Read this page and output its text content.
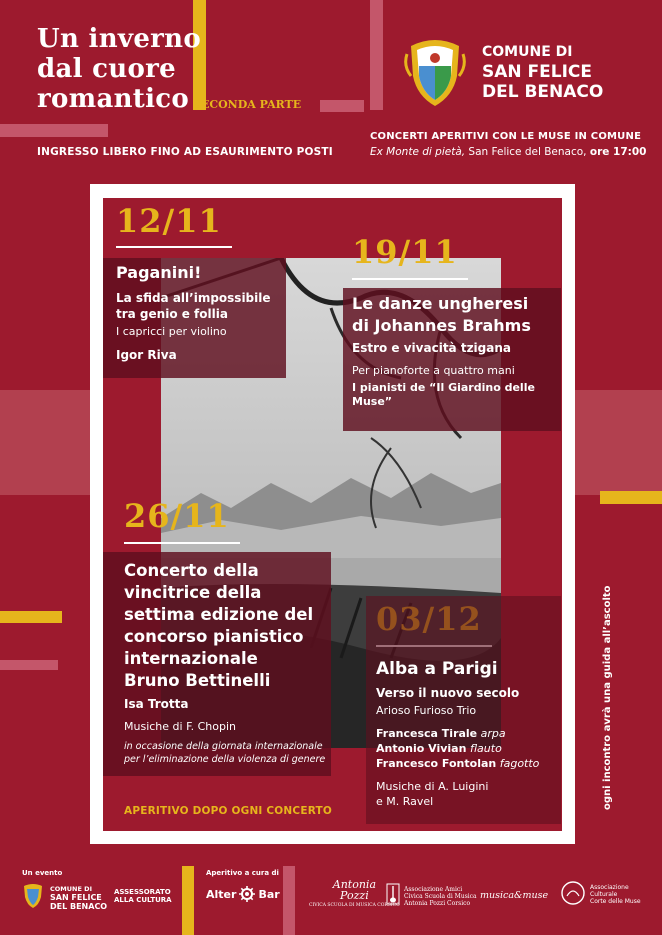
Un inverno
dal cuore
romantico SECONDA PARTE
INGRESSO LIBERO FINO AD ESAURIMENTO POSTI
COMUNE DI
SAN FELICE
DEL BENACO
CONCERTI APERITIVI CON LE MUSE IN COMUNE
Ex Monte di pietà, San Felice del Benaco, ore 17:00
12/11
Paganini!
La sfida all’impossibile
tra genio e follia
I capricci per violino
Igor Riva
19/11
Le danze ungheresi
di Johannes Brahms
Estro e vivacità tzigana
Per pianoforte a quattro mani
I pianisti de “Il Giardino delle
Muse”
26/11
Concerto della
vincitrice della
settima edizione del
concorso pianistico
internazionale
Bruno Bettinelli
Isa Trotta
Musiche di F. Chopin
in occasione della giornata internazionale
per l’eliminazione della violenza di genere
Alba a Parigi
Verso il nuovo secolo
Arioso Furioso Trio
Francesca Tirale arpa
Antonio Vivian flauto
Francesco Fontolan fagotto
Musiche di A. Luigini
e M. Ravel
APERITIVO DOPO OGNI CONCERTO
ogni incontro avrà una guida all’ascolto
Un evento
COMUNE DI
SAN FELICE
DEL BENACO
ASSESSORATO
ALLA CULTURA
Aperitivo a cura di
Alter Bar
Antonia
Pozzi
CIVICA SCUOLA DI MUSICA CORSICO
Associazione Amici
Civica Scuola di Musica
Antonia Pozzi Corsico
musica&muse
Associazione
Culturale
Corte delle Muse
